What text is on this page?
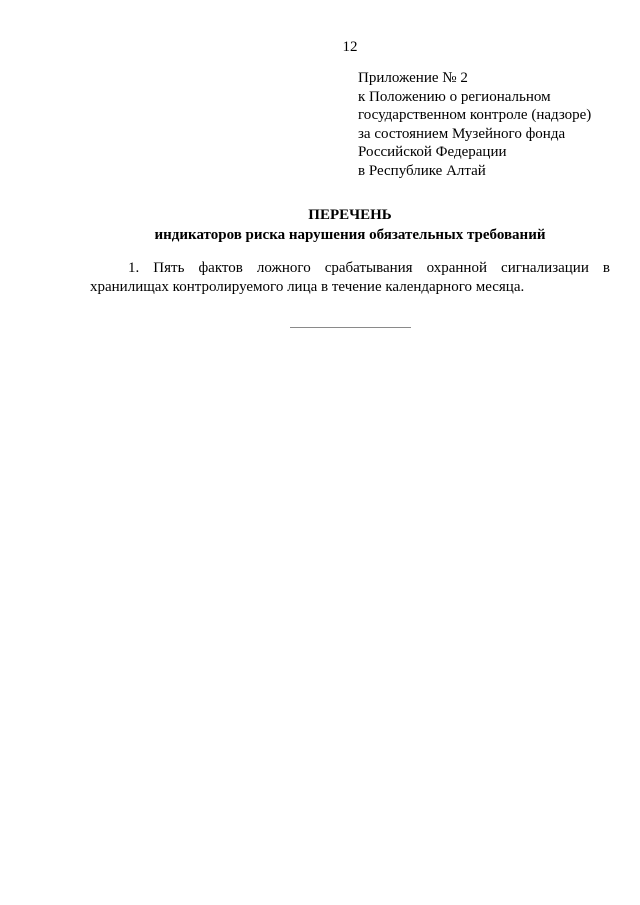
12
Приложение № 2
к Положению о региональном
государственном контроле (надзоре)
за состоянием Музейного фонда
Российской Федерации
в Республике Алтай
ПЕРЕЧЕНЬ
индикаторов риска нарушения обязательных требований
1. Пять фактов ложного срабатывания охранной сигнализации в
хранилищах контролируемого лица в течение календарного месяца.
